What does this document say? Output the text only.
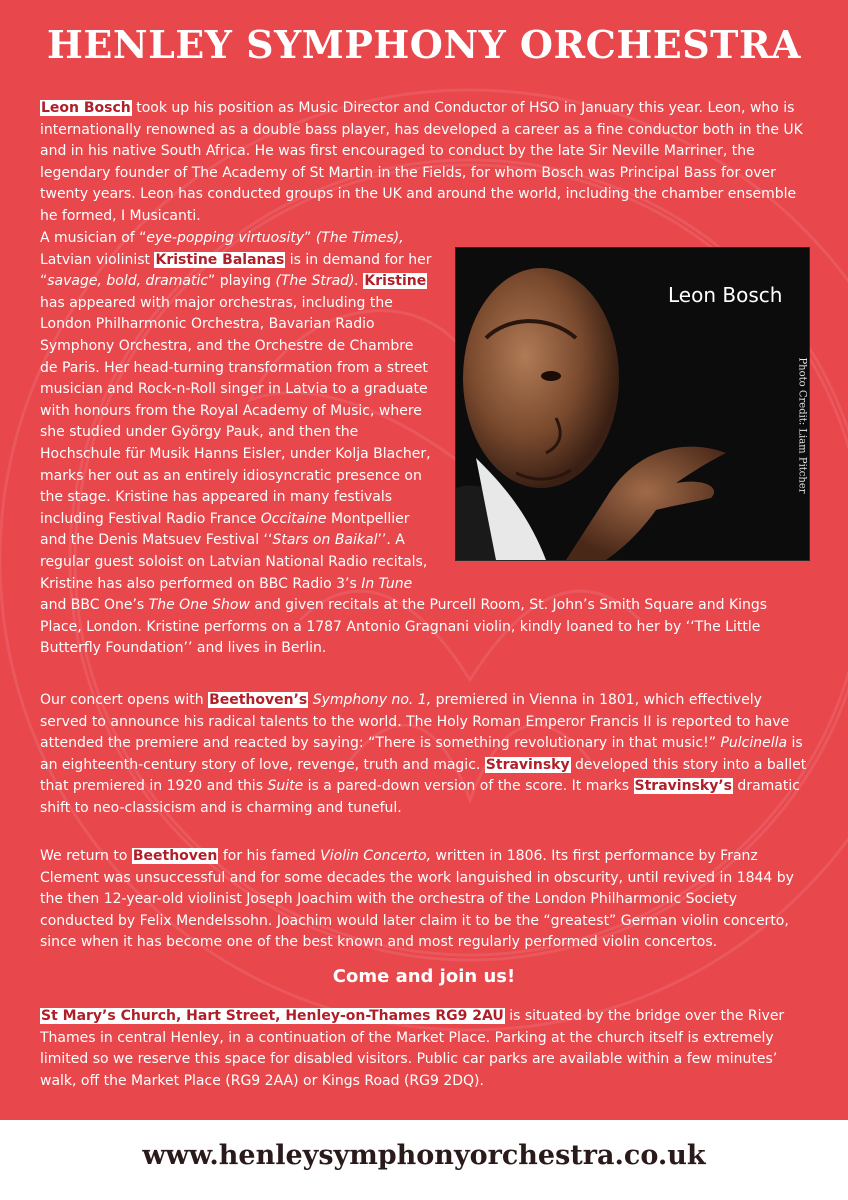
HENLEY SYMPHONY ORCHESTRA

Leon Bosch took up his position as Music Director and Conductor of HSO in January this year. Leon, who is internationally renowned as a double bass player, has developed a career as a fine conductor both in the UK and in his native South Africa. He was first encouraged to conduct by the late Sir Neville Marriner, the legendary founder of The Academy of St Martin in the Fields, for whom Bosch was Principal Bass for over twenty years. Leon has conducted groups in the UK and around the world, including the chamber ensemble he formed, I Musicanti.

A musician of “eye-popping virtuosity” (The Times), Latvian violinist Kristine Balanas is in demand for her “savage, bold, dramatic” playing (The Strad). Kristine has appeared with major orchestras, including the London Philharmonic Orchestra, Bavarian Radio Symphony Orchestra, and the Orchestre de Chambre de Paris. Her head-turning transformation from a street musician and Rock-n-Roll singer in Latvia to a graduate with honours from the Royal Academy of Music, where she studied under György Pauk, and then the Hochschule für Musik Hanns Eisler, under Kolja Blacher, marks her out as an entirely idiosyncratic presence on the stage. Kristine has appeared in many festivals including Festival Radio France Occitaine Montpellier and the Denis Matsuev Festival ‘‘Stars on Baikal’’. A regular guest soloist on Latvian National Radio recitals, Kristine has also performed on BBC Radio 3’s In Tune and BBC One’s The One Show and given recitals at the Purcell Room, St. John’s Smith Square and Kings Place, London. Kristine performs on a 1787 Antonio Gragnani violin, kindly loaned to her by ‘‘The Little Butterfly Foundation’’ and lives in Berlin.

Leon Bosch
Photo Credit: Liam Pitcher

Our concert opens with Beethoven’s Symphony no. 1, premiered in Vienna in 1801, which effectively served to announce his radical talents to the world. The Holy Roman Emperor Francis II is reported to have attended the premiere and reacted by saying: “There is something revolutionary in that music!” Pulcinella is an eighteenth-century story of love, revenge, truth and magic. Stravinsky developed this story into a ballet that premiered in 1920 and this Suite is a pared-down version of the score. It marks Stravinsky’s dramatic shift to neo-classicism and is charming and tuneful.

We return to Beethoven for his famed Violin Concerto, written in 1806. Its first performance by Franz Clement was unsuccessful and for some decades the work languished in obscurity, until revived in 1844 by the then 12-year-old violinist Joseph Joachim with the orchestra of the London Philharmonic Society conducted by Felix Mendelssohn. Joachim would later claim it to be the “greatest” German violin concerto, since when it has become one of the best known and most regularly performed violin concertos.

Come and join us!

St Mary’s Church, Hart Street, Henley-on-Thames RG9 2AU is situated by the bridge over the River Thames in central Henley, in a continuation of the Market Place. Parking at the church itself is extremely limited so we reserve this space for disabled visitors. Public car parks are available within a few minutes’ walk, off the Market Place (RG9 2AA) or Kings Road (RG9 2DQ).

www.henleysymphonyorchestra.co.uk
